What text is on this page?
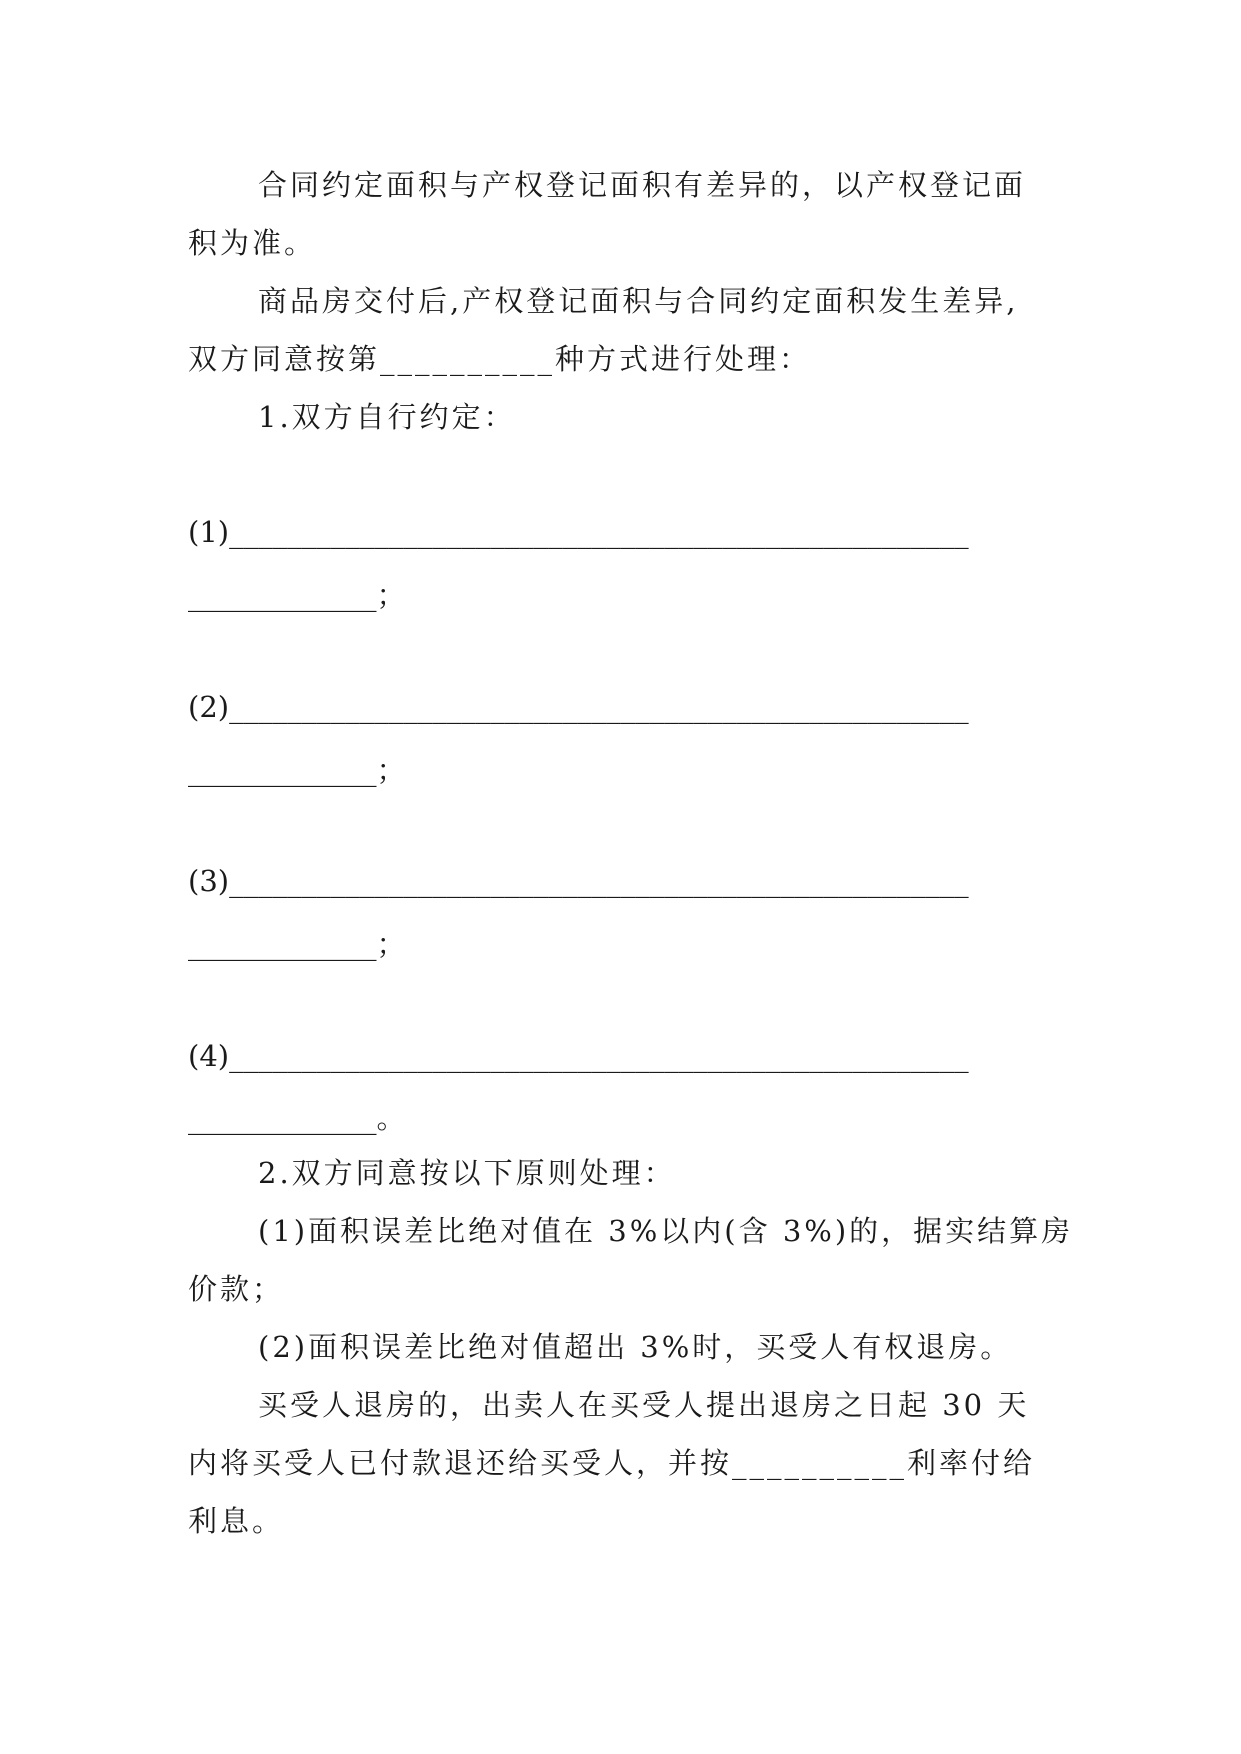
合同约定面积与产权登记面积有差异的，以产权登记面
积为准。
商品房交付后,产权登记面积与合同约定面积发生差异,
双方同意按第__________种方式进行处理：
1.双方自行约定：
(1)___________________________________________________
_____________；
(2)___________________________________________________
_____________；
(3)___________________________________________________
_____________；
(4)___________________________________________________
_____________。
2.双方同意按以下原则处理：
(1)面积误差比绝对值在 3%以内(含 3%)的，据实结算房
价款；
(2)面积误差比绝对值超出 3%时，买受人有权退房。
买受人退房的，出卖人在买受人提出退房之日起 30 天
内将买受人已付款退还给买受人，并按__________利率付给
利息。
